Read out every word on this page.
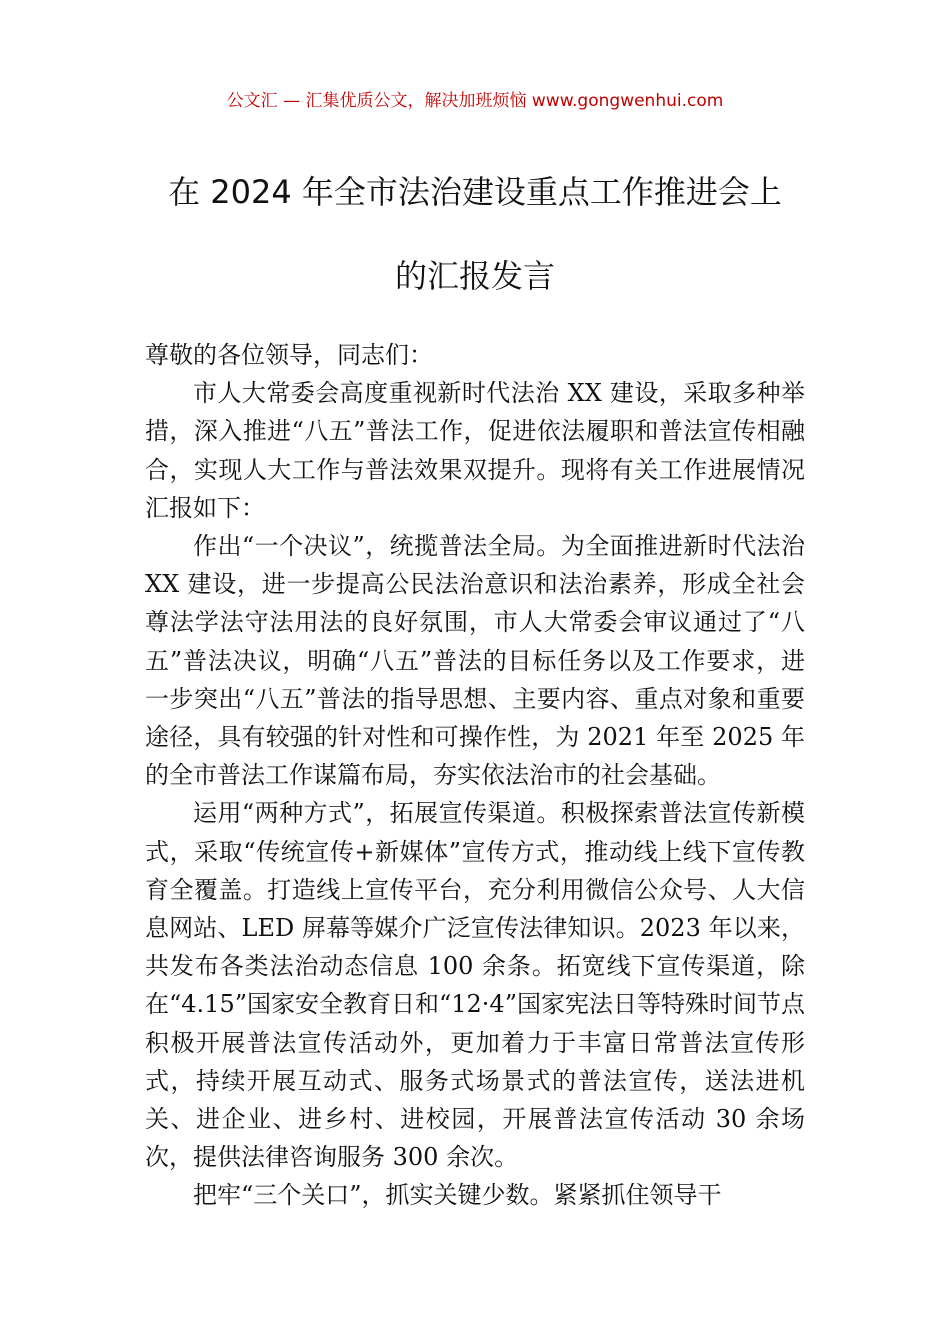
公文汇 — 汇集优质公文，解决加班烦恼 www.gongwenhui.com
在 2024 年全市法治建设重点工作推进会上
的汇报发言

尊敬的各位领导，同志们：

市人大常委会高度重视新时代法治 XX 建设，采取多种举措，深入推进“八五”普法工作，促进依法履职和普法宣传相融合，实现人大工作与普法效果双提升。现将有关工作进展情况汇报如下：

作出“一个决议”，统揽普法全局。为全面推进新时代法治 XX 建设，进一步提高公民法治意识和法治素养，形成全社会尊法学法守法用法的良好氛围，市人大常委会审议通过了“八五”普法决议，明确“八五”普法的目标任务以及工作要求，进一步突出“八五”普法的指导思想、主要内容、重点对象和重要途径，具有较强的针对性和可操作性，为 2021 年至 2025 年的全市普法工作谋篇布局，夯实依法治市的社会基础。

运用“两种方式”，拓展宣传渠道。积极探索普法宣传新模式，采取“传统宣传+新媒体”宣传方式，推动线上线下宣传教育全覆盖。打造线上宣传平台，充分利用微信公众号、人大信息网站、LED 屏幕等媒介广泛宣传法律知识。2023 年以来，共发布各类法治动态信息 100 余条。拓宽线下宣传渠道，除在“4.15”国家安全教育日和“12·4”国家宪法日等特殊时间节点积极开展普法宣传活动外，更加着力于丰富日常普法宣传形式，持续开展互动式、服务式场景式的普法宣传，送法进机关、进企业、进乡村、进校园，开展普法宣传活动 30 余场次，提供法律咨询服务 300 余次。

把牢“三个关口”，抓实关键少数。紧紧抓住领导干
